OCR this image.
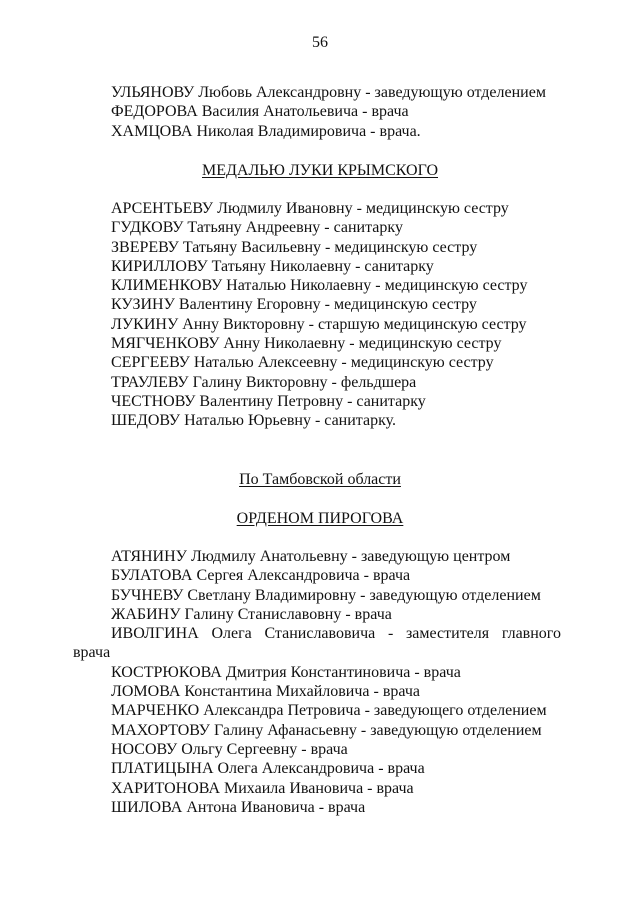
56
УЛЬЯНОВУ Любовь Александровну - заведующую отделением
ФЕДОРОВА Василия Анатольевича - врача
ХАМЦОВА Николая Владимировича - врача.
МЕДАЛЬЮ ЛУКИ КРЫМСКОГО
АРСЕНТЬЕВУ Людмилу Ивановну - медицинскую сестру
ГУДКОВУ Татьяну Андреевну - санитарку
ЗВЕРЕВУ Татьяну Васильевну - медицинскую сестру
КИРИЛЛОВУ Татьяну Николаевну - санитарку
КЛИМЕНКОВУ Наталью Николаевну - медицинскую сестру
КУЗИНУ Валентину Егоровну - медицинскую сестру
ЛУКИНУ Анну Викторовну - старшую медицинскую сестру
МЯГЧЕНКОВУ Анну Николаевну - медицинскую сестру
СЕРГЕЕВУ Наталью Алексеевну - медицинскую сестру
ТРАУЛЕВУ Галину Викторовну - фельдшера
ЧЕСТНОВУ Валентину Петровну - санитарку
ШЕДОВУ Наталью Юрьевну - санитарку.
По Тамбовской области
ОРДЕНОМ ПИРОГОВА
АТЯНИНУ Людмилу Анатольевну - заведующую центром
БУЛАТОВА Сергея Александровича - врача
БУЧНЕВУ Светлану Владимировну - заведующую отделением
ЖАБИНУ Галину Станиславовну - врача
ИВОЛГИНА Олега Станиславовича - заместителя главного
врача
КОСТРЮКОВА Дмитрия Константиновича - врача
ЛОМОВА Константина Михайловича - врача
МАРЧЕНКО Александра Петровича - заведующего отделением
МАХОРТОВУ Галину Афанасьевну - заведующую отделением
НОСОВУ Ольгу Сергеевну - врача
ПЛАТИЦЫНА Олега Александровича - врача
ХАРИТОНОВА Михаила Ивановича - врача
ШИЛОВА Антона Ивановича - врача
